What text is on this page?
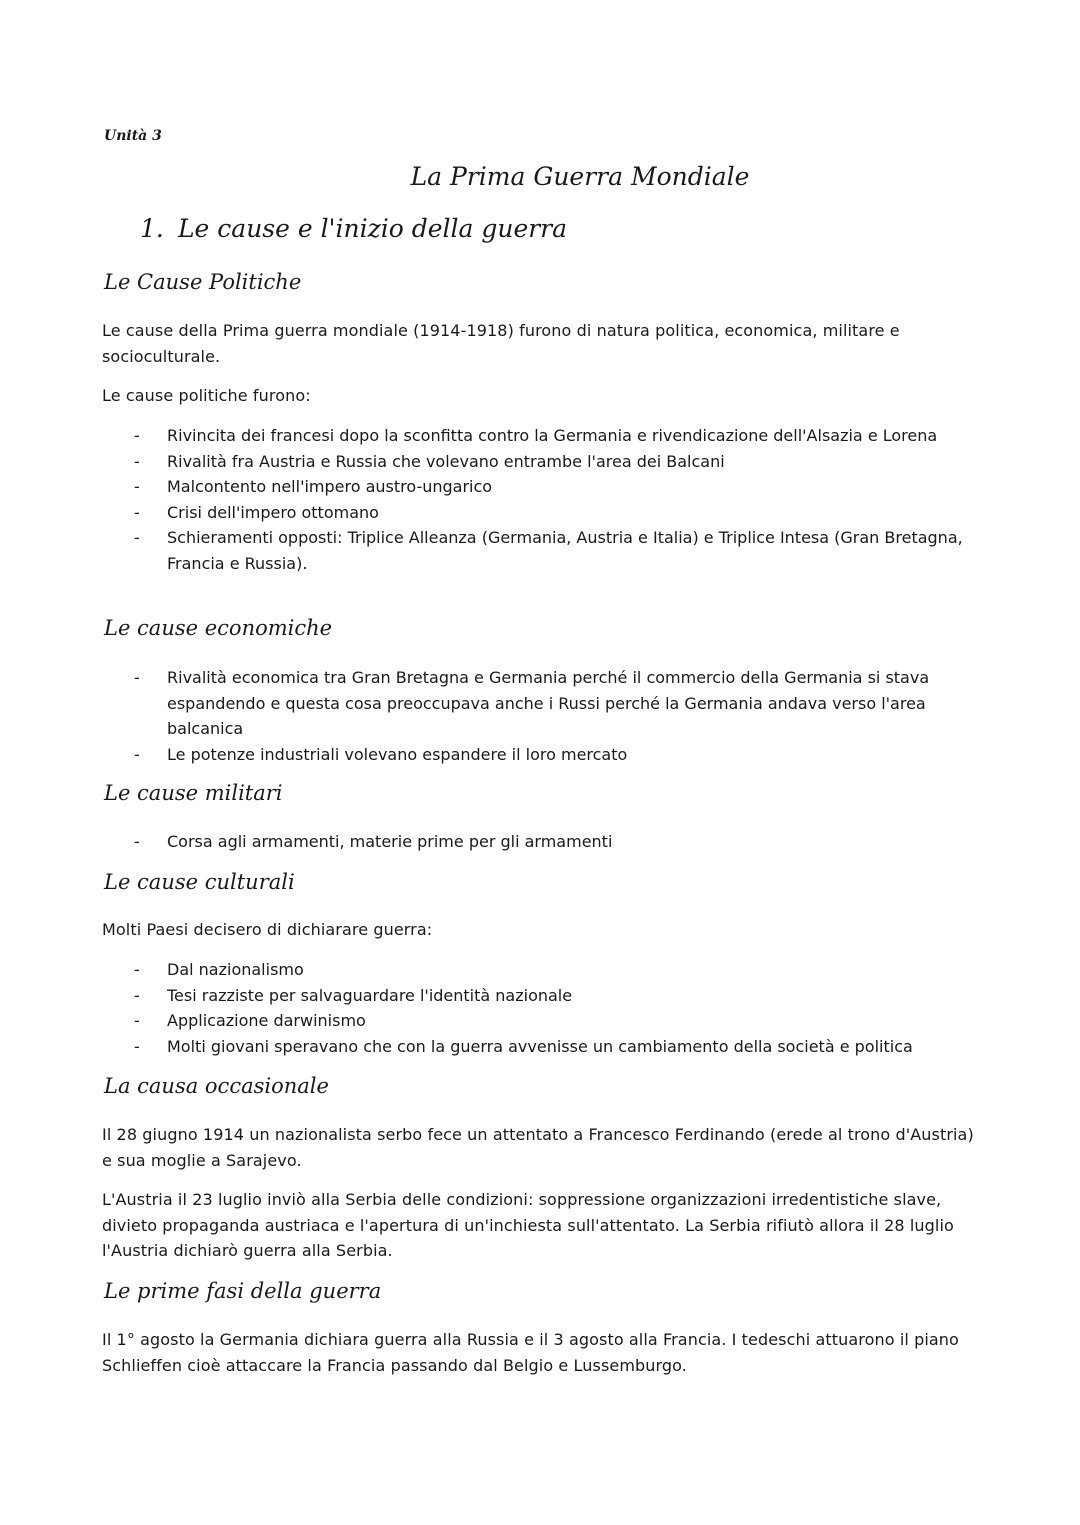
Unità 3
La Prima Guerra Mondiale
1. Le cause e l'inizio della guerra
Le Cause Politiche

Le cause della Prima guerra mondiale (1914-1918) furono di natura politica, economica, militare e socioculturale.

Le cause politiche furono:

- Rivincita dei francesi dopo la sconfitta contro la Germania e rivendicazione dell'Alsazia e Lorena
- Rivalità fra Austria e Russia che volevano entrambe l'area dei Balcani
- Malcontento nell'impero austro-ungarico
- Crisi dell'impero ottomano
- Schieramenti opposti: Triplice Alleanza (Germania, Austria e Italia) e Triplice Intesa (Gran Bretagna, Francia e Russia).
Le cause economiche
- Rivalità economica tra Gran Bretagna e Germania perché il commercio della Germania si stava espandendo e questa cosa preoccupava anche i Russi perché la Germania andava verso l'area balcanica
- Le potenze industriali volevano espandere il loro mercato
Le cause militari
- Corsa agli armamenti, materie prime per gli armamenti
Le cause culturali

Molti Paesi decisero di dichiarare guerra:

- Dal nazionalismo
- Tesi razziste per salvaguardare l'identità nazionale
- Applicazione darwinismo
- Molti giovani speravano che con la guerra avvenisse un cambiamento della società e politica
La causa occasionale

Il 28 giugno 1914 un nazionalista serbo fece un attentato a Francesco Ferdinando (erede al trono d'Austria) e sua moglie a Sarajevo.

L'Austria il 23 luglio inviò alla Serbia delle condizioni: soppressione organizzazioni irredentistiche slave, divieto propaganda austriaca e l'apertura di un'inchiesta sull'attentato. La Serbia rifiutò allora il 28 luglio l'Austria dichiarò guerra alla Serbia.

Le prime fasi della guerra

Il 1° agosto la Germania dichiara guerra alla Russia e il 3 agosto alla Francia. I tedeschi attuarono il piano Schlieffen cioè attaccare la Francia passando dal Belgio e Lussemburgo.
